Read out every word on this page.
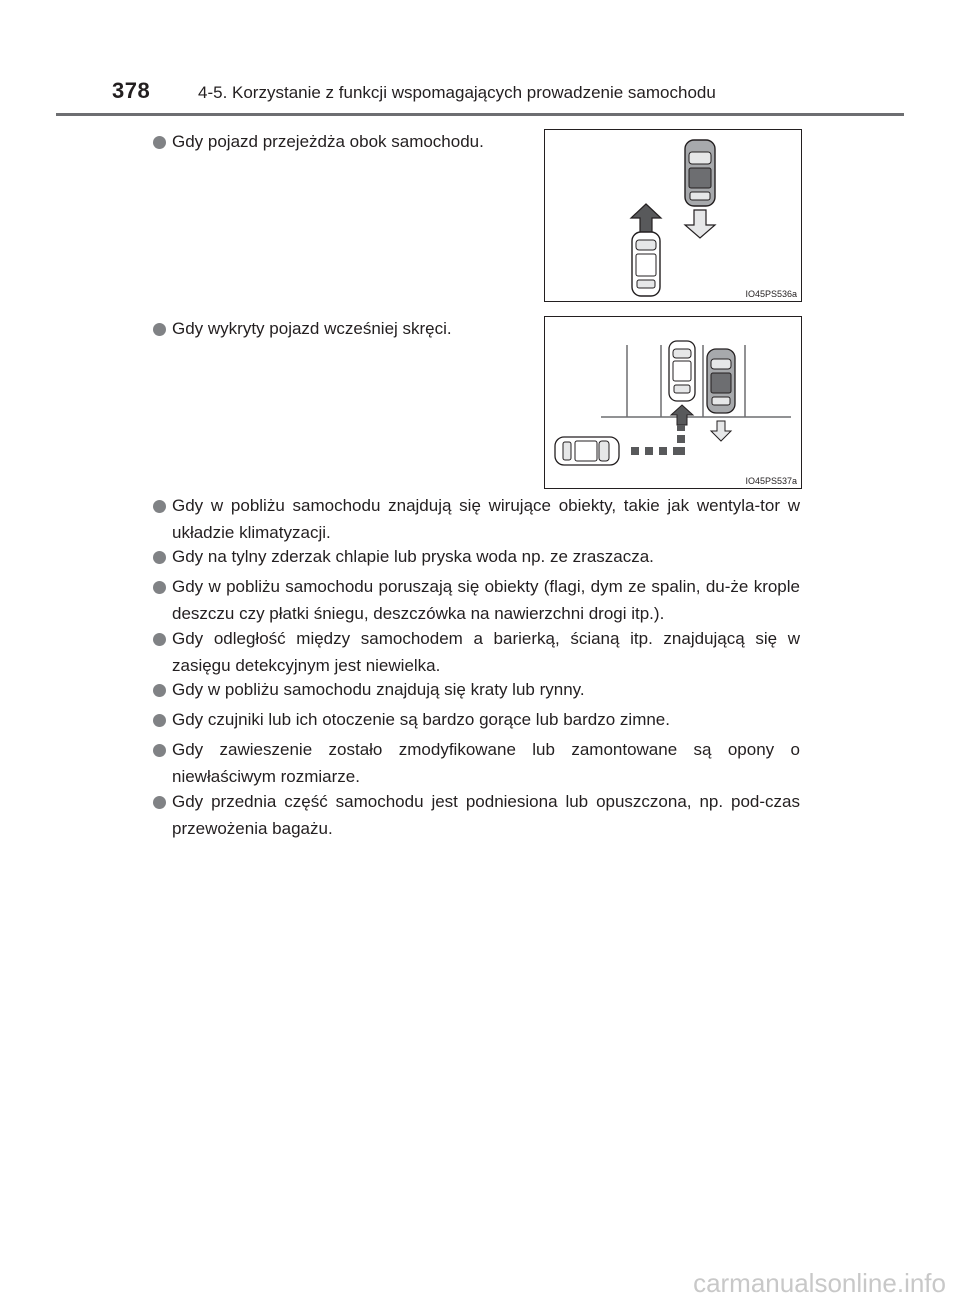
378	4-5. Korzystanie z funkcji wspomagających prowadzenie samochodu
Gdy pojazd przejeżdża obok samochodu.
IO45PS536a
Gdy wykryty pojazd wcześniej skręci.
IO45PS537a
Gdy w pobliżu samochodu znajdują się wirujące obiekty, takie jak wentyla-tor w układzie klimatyzacji.
Gdy na tylny zderzak chlapie lub pryska woda np. ze zraszacza.
Gdy w pobliżu samochodu poruszają się obiekty (flagi, dym ze spalin, du-że krople deszczu czy płatki śniegu, deszczówka na nawierzchni drogi itp.).
Gdy odległość między samochodem a barierką, ścianą itp. znajdującą się w zasięgu detekcyjnym jest niewielka.
Gdy w pobliżu samochodu znajdują się kraty lub rynny.
Gdy czujniki lub ich otoczenie są bardzo gorące lub bardzo zimne.
Gdy zawieszenie zostało zmodyfikowane lub zamontowane są opony o niewłaściwym rozmiarze.
Gdy przednia część samochodu jest podniesiona lub opuszczona, np. pod-czas przewożenia bagażu.
carmanualsonline.info
